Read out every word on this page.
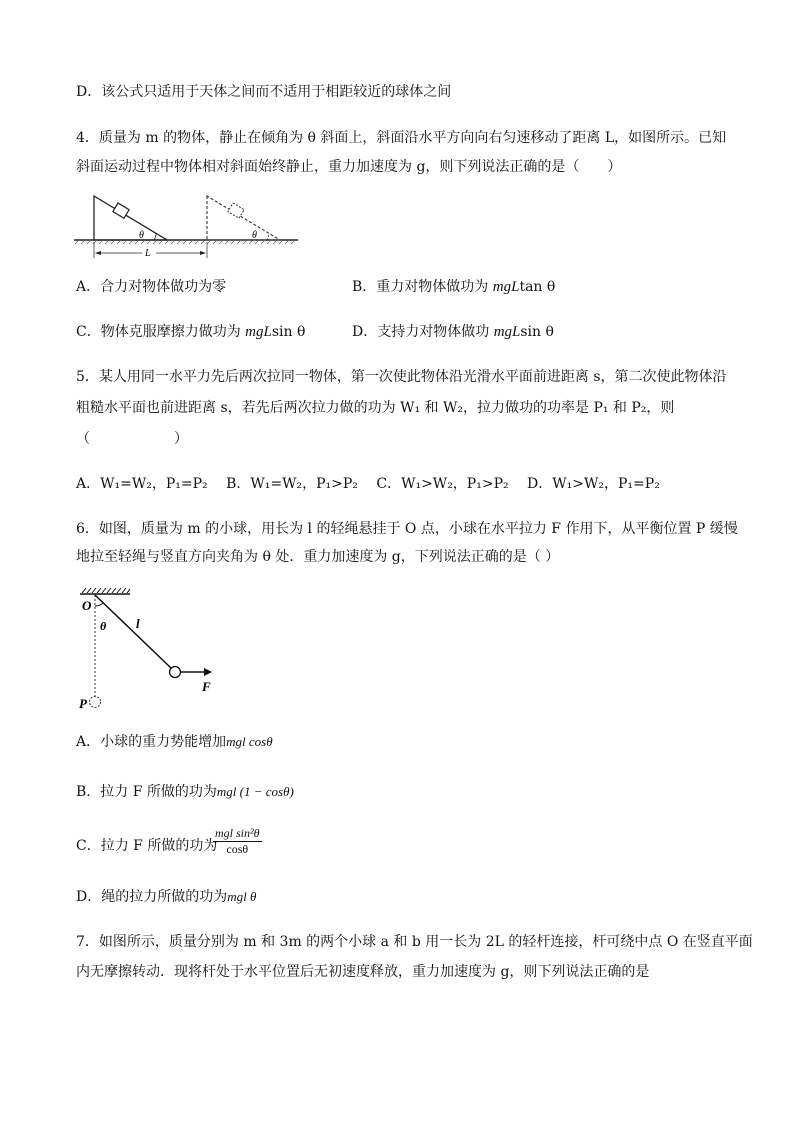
D．该公式只适用于天体之间而不适用于相距较近的球体之间
4．质量为 m 的物体，静止在倾角为 θ 斜面上，斜面沿水平方向向右匀速移动了距离 L，如图所示。已知
斜面运动过程中物体相对斜面始终静止，重力加速度为 g，则下列说法正确的是（　　）
θ	θ
L
A．合力对物体做功为零	B．重力对物体做功为 mgLtan θ
C．物体克服摩擦力做功为 mgLsin θ	D．支持力对物体做功 mgLsin θ
5．某人用同一水平力先后两次拉同一物体，第一次使此物体沿光滑水平面前进距离 s，第二次使此物体沿
粗糙水平面也前进距离 s，若先后两次拉力做的功为 W₁ 和 W₂，拉力做功的功率是 P₁ 和 P₂，则
（　　　　　　）
A．W₁=W₂，P₁=P₂　 B．W₁=W₂，P₁>P₂　 C．W₁>W₂，P₁>P₂　 D．W₁>W₂，P₁=P₂
6．如图，质量为 m 的小球，用长为 l 的轻绳悬挂于 O 点，小球在水平拉力 F 作用下，从平衡位置 P 缓慢
地拉至轻绳与竖直方向夹角为 θ 处．重力加速度为 g，下列说法正确的是（ ）
O
θ l
F
P
A．小球的重力势能增加mgl cosθ
B．拉力 F 所做的功为mgl (1 − cosθ)
C．拉力 F 所做的功为
mgl sin²θ
cosθ
D．绳的拉力所做的功为mgl θ
7．如图所示，质量分别为 m 和 3m 的两个小球 a 和 b 用一长为 2L 的轻杆连接，杆可绕中点 O 在竖直平面
内无摩擦转动．现将杆处于水平位置后无初速度释放，重力加速度为 g，则下列说法正确的是
